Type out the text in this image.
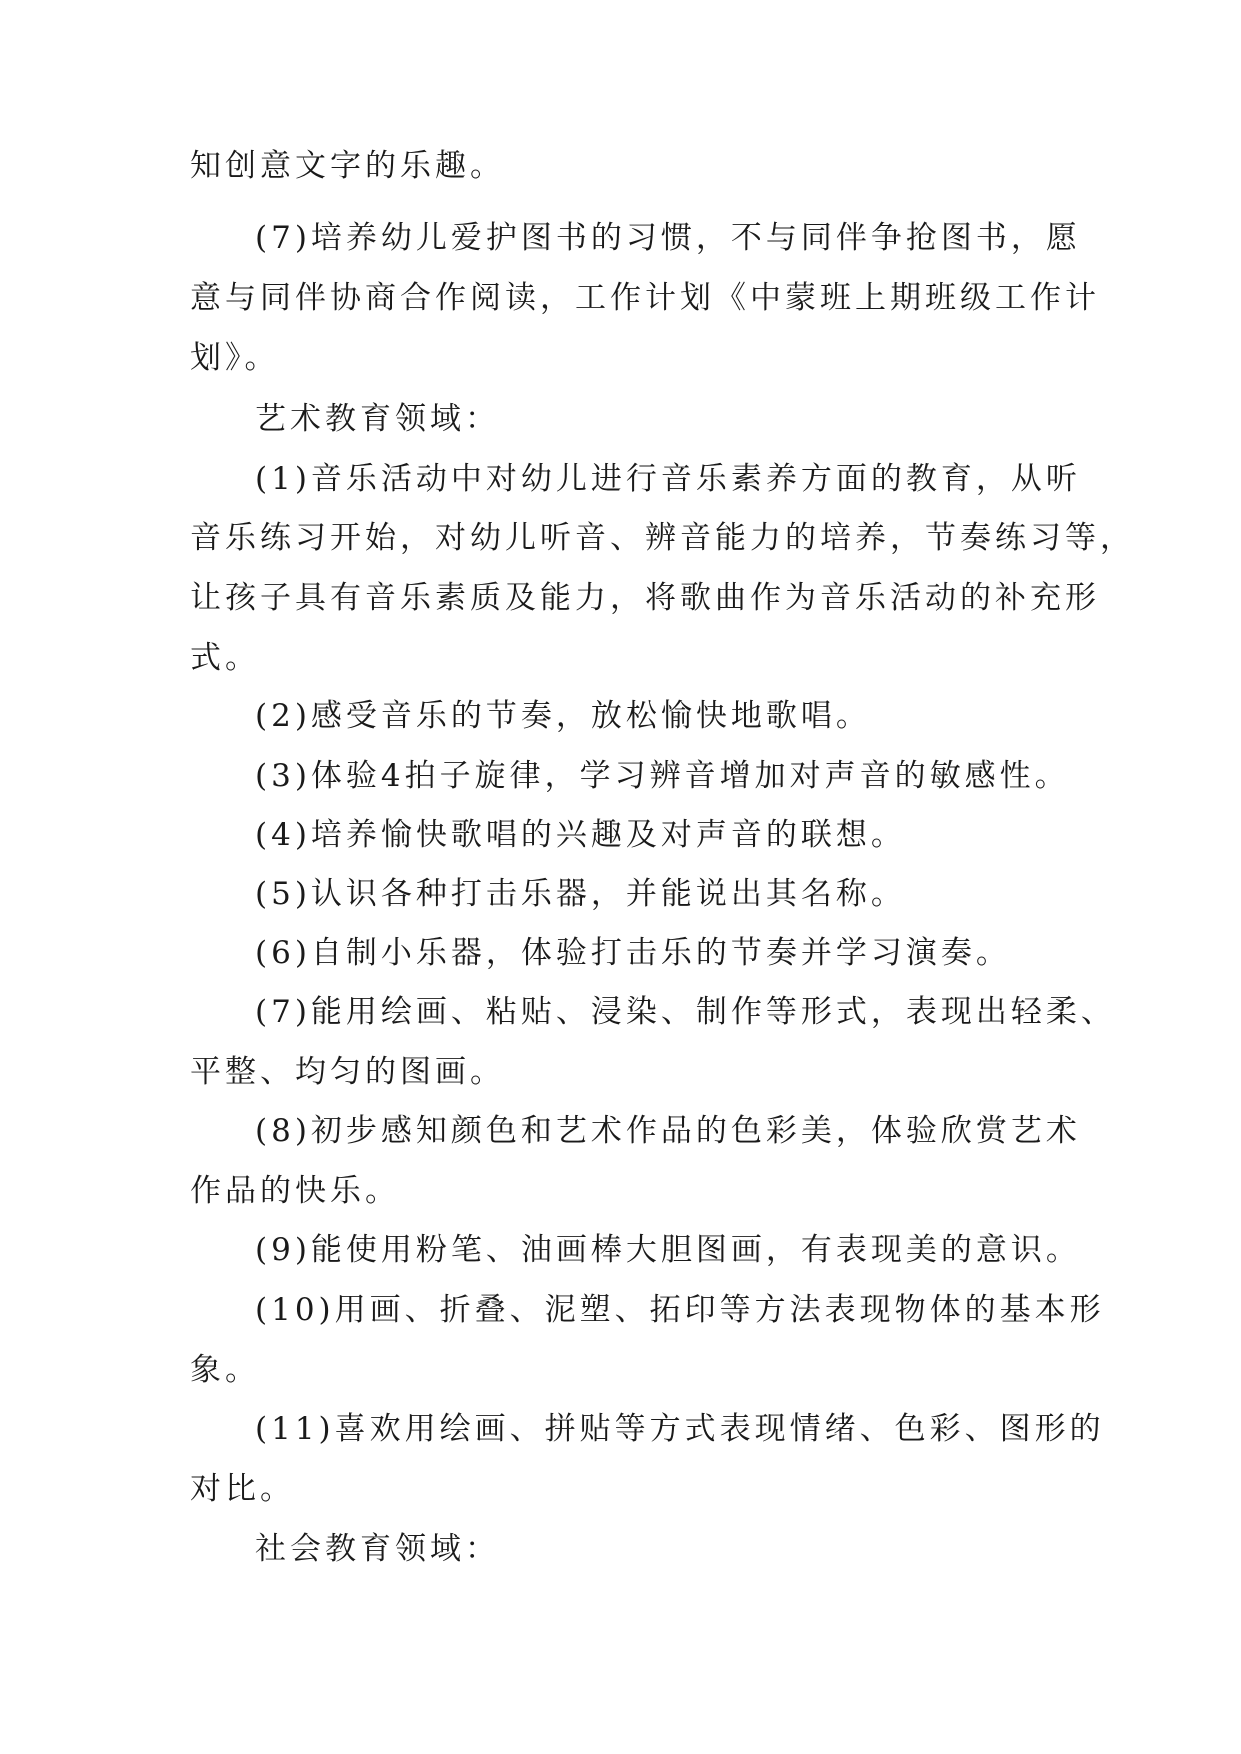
知创意文字的乐趣。
(7)培养幼儿爱护图书的习惯，不与同伴争抢图书，愿
意与同伴协商合作阅读，工作计划《中蒙班上期班级工作计
划》。
艺术教育领域：
(1)音乐活动中对幼儿进行音乐素养方面的教育，从听
音乐练习开始，对幼儿听音、辨音能力的培养，节奏练习等，
让孩子具有音乐素质及能力，将歌曲作为音乐活动的补充形
式。
(2)感受音乐的节奏，放松愉快地歌唱。
(3)体验4拍子旋律，学习辨音增加对声音的敏感性。
(4)培养愉快歌唱的兴趣及对声音的联想。
(5)认识各种打击乐器，并能说出其名称。
(6)自制小乐器，体验打击乐的节奏并学习演奏。
(7)能用绘画、粘贴、浸染、制作等形式，表现出轻柔、
平整、均匀的图画。
(8)初步感知颜色和艺术作品的色彩美，体验欣赏艺术
作品的快乐。
(9)能使用粉笔、油画棒大胆图画，有表现美的意识。
(10)用画、折叠、泥塑、拓印等方法表现物体的基本形
象。
(11)喜欢用绘画、拼贴等方式表现情绪、色彩、图形的
对比。
社会教育领域：
